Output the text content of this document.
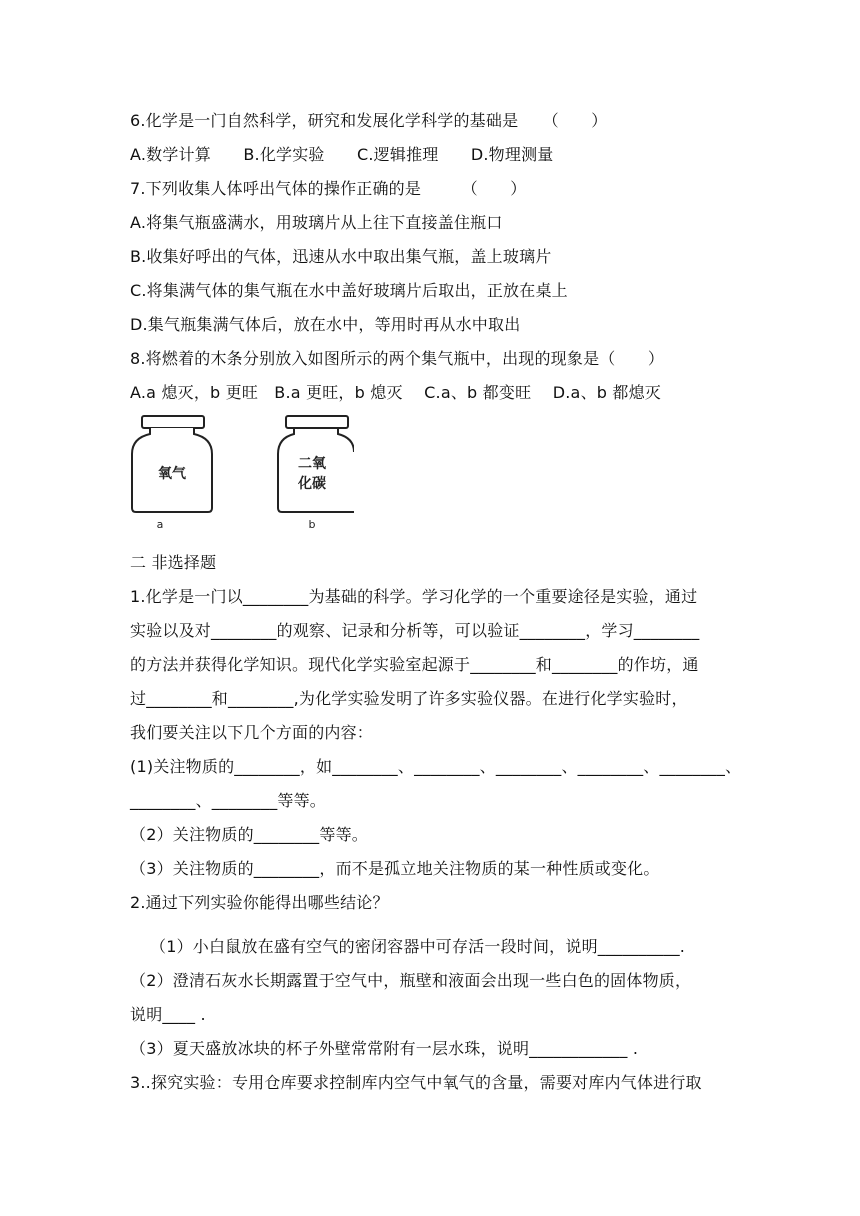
6.化学是一门自然科学，研究和发展化学科学的基础是　　（　　）
A.数学计算　　B.化学实验　　C.逻辑推理　　D.物理测量
7.下列收集人体呼出气体的操作正确的是　　　（　　）
A.将集气瓶盛满水，用玻璃片从上往下直接盖住瓶口
B.收集好呼出的气体，迅速从水中取出集气瓶，盖上玻璃片
C.将集满气体的集气瓶在水中盖好玻璃片后取出，正放在桌上
D.集气瓶集满气体后，放在水中，等用时再从水中取出
8.将燃着的木条分别放入如图所示的两个集气瓶中，出现的现象是（　　）
A.a 熄灭，b 更旺　B.a 更旺，b 熄灭　 C.a、b 都变旺　 D.a、b 都熄灭
氧气
a
二氧
化碳
b
二 非选择题
1.化学是一门以________为基础的科学。学习化学的一个重要途径是实验，通过
实验以及对________的观察、记录和分析等，可以验证________，学习________
的方法并获得化学知识。现代化学实验室起源于________和________的作坊，通
过________和________,为化学实验发明了许多实验仪器。在进行化学实验时，
我们要关注以下几个方面的内容：
(1)关注物质的________，如________、________、________、________、________、
________、________等等。
（2）关注物质的________等等。
（3）关注物质的________，而不是孤立地关注物质的某一种性质或变化。
2.通过下列实验你能得出哪些结论？
（1）小白鼠放在盛有空气的密闭容器中可存活一段时间，说明__________.
（2）澄清石灰水长期露置于空气中，瓶壁和液面会出现一些白色的固体物质，
说明____ .
（3）夏天盛放冰块的杯子外壁常常附有一层水珠，说明____________ .
3..探究实验：专用仓库要求控制库内空气中氧气的含量，需要对库内气体进行取
